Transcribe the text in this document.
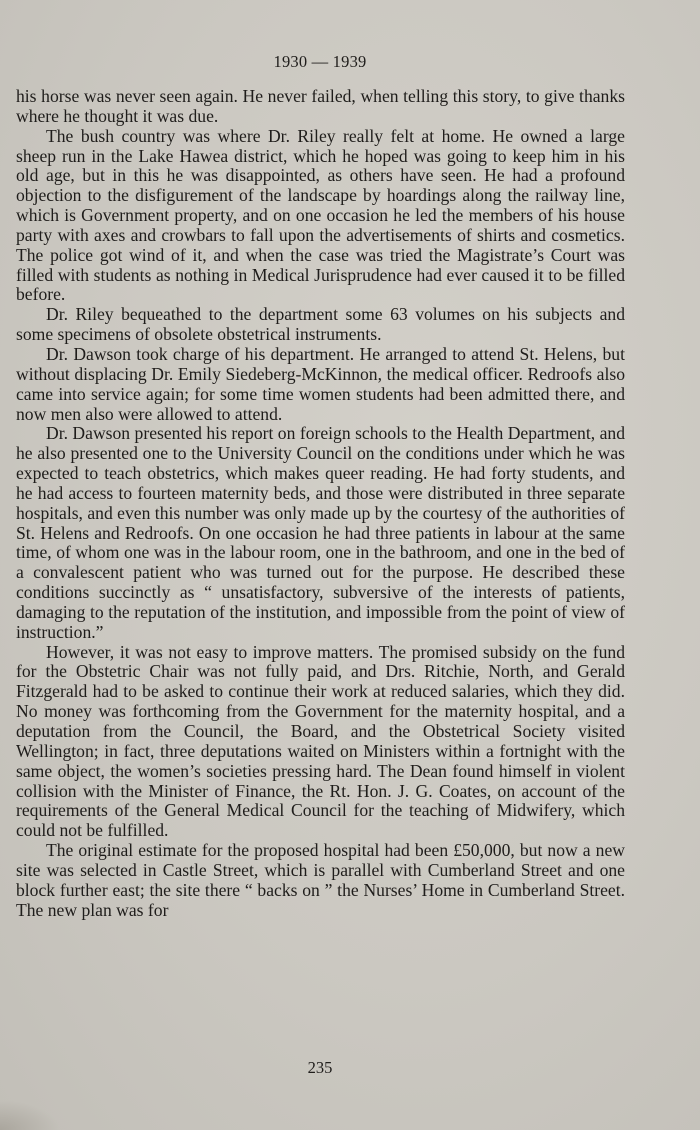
1930 — 1939

his horse was never seen again. He never failed, when telling this story, to give thanks where he thought it was due.

The bush country was where Dr. Riley really felt at home. He owned a large sheep run in the Lake Hawea district, which he hoped was going to keep him in his old age, but in this he was disappointed, as others have seen. He had a profound objection to the disfigurement of the landscape by hoardings along the railway line, which is Government property, and on one occasion he led the members of his house party with axes and crowbars to fall upon the advertisements of shirts and cosmetics. The police got wind of it, and when the case was tried the Magistrate’s Court was filled with students as nothing in Medical Jurisprudence had ever caused it to be filled before.

Dr. Riley bequeathed to the department some 63 volumes on his subjects and some specimens of obsolete obstetrical instruments.

Dr. Dawson took charge of his department. He arranged to attend St. Helens, but without displacing Dr. Emily Siedeberg-McKinnon, the medical officer. Redroofs also came into service again; for some time women students had been admitted there, and now men also were allowed to attend.

Dr. Dawson presented his report on foreign schools to the Health Department, and he also presented one to the University Council on the conditions under which he was expected to teach obstetrics, which makes queer reading. He had forty students, and he had access to fourteen maternity beds, and those were distributed in three separate hospitals, and even this number was only made up by the courtesy of the authorities of St. Helens and Redroofs. On one occasion he had three patients in labour at the same time, of whom one was in the labour room, one in the bathroom, and one in the bed of a convalescent patient who was turned out for the purpose. He described these conditions succinctly as “ unsatisfactory, subversive of the interests of patients, damaging to the reputation of the institution, and impossible from the point of view of instruction.”

However, it was not easy to improve matters. The promised subsidy on the fund for the Obstetric Chair was not fully paid, and Drs. Ritchie, North, and Gerald Fitzgerald had to be asked to continue their work at reduced salaries, which they did. No money was forthcoming from the Government for the maternity hospital, and a deputation from the Council, the Board, and the Obstetrical Society visited Wellington; in fact, three deputations waited on Ministers within a fortnight with the same object, the women’s societies pressing hard. The Dean found himself in violent collision with the Minister of Finance, the Rt. Hon. J. G. Coates, on account of the requirements of the General Medical Council for the teaching of Midwifery, which could not be fulfilled.

The original estimate for the proposed hospital had been £50,000, but now a new site was selected in Castle Street, which is parallel with Cumberland Street and one block further east; the site there “ backs on ” the Nurses’ Home in Cumberland Street. The new plan was for

235
